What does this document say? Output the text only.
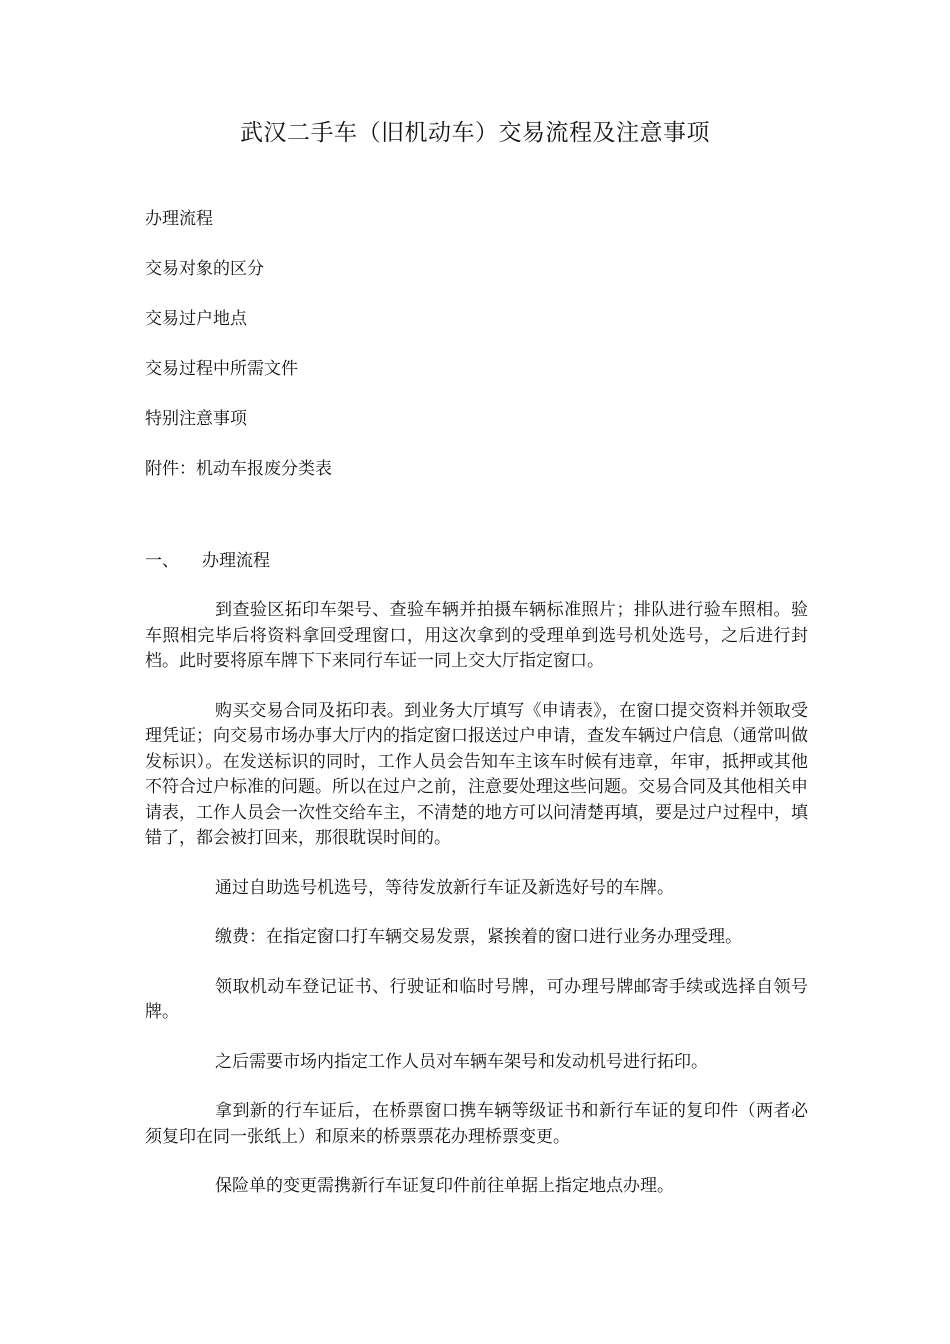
武汉二手车（旧机动车）交易流程及注意事项
办理流程
交易对象的区分
交易过户地点
交易过程中所需文件
特别注意事项
附件：机动车报废分类表
一、 办理流程

到查验区拓印车架号、查验车辆并拍摄车辆标准照片；排队进行验车照相。验车照相完毕后将资料拿回受理窗口，用这次拿到的受理单到选号机处选号，之后进行封档。此时要将原车牌下下来同行车证一同上交大厅指定窗口。

购买交易合同及拓印表。到业务大厅填写《申请表》，在窗口提交资料并领取受理凭证；向交易市场办事大厅内的指定窗口报送过户申请，查发车辆过户信息（通常叫做发标识）。在发送标识的同时，工作人员会告知车主该车时候有违章，年审，抵押或其他不符合过户标准的问题。所以在过户之前，注意要处理这些问题。交易合同及其他相关申请表，工作人员会一次性交给车主，不清楚的地方可以问清楚再填，要是过户过程中，填错了，都会被打回来，那很耽误时间的。

通过自助选号机选号，等待发放新行车证及新选好号的车牌。

缴费：在指定窗口打车辆交易发票，紧挨着的窗口进行业务办理受理。

领取机动车登记证书、行驶证和临时号牌，可办理号牌邮寄手续或选择自领号牌。

之后需要市场内指定工作人员对车辆车架号和发动机号进行拓印。

拿到新的行车证后，在桥票窗口携车辆等级证书和新行车证的复印件（两者必须复印在同一张纸上）和原来的桥票票花办理桥票变更。

保险单的变更需携新行车证复印件前往单据上指定地点办理。
